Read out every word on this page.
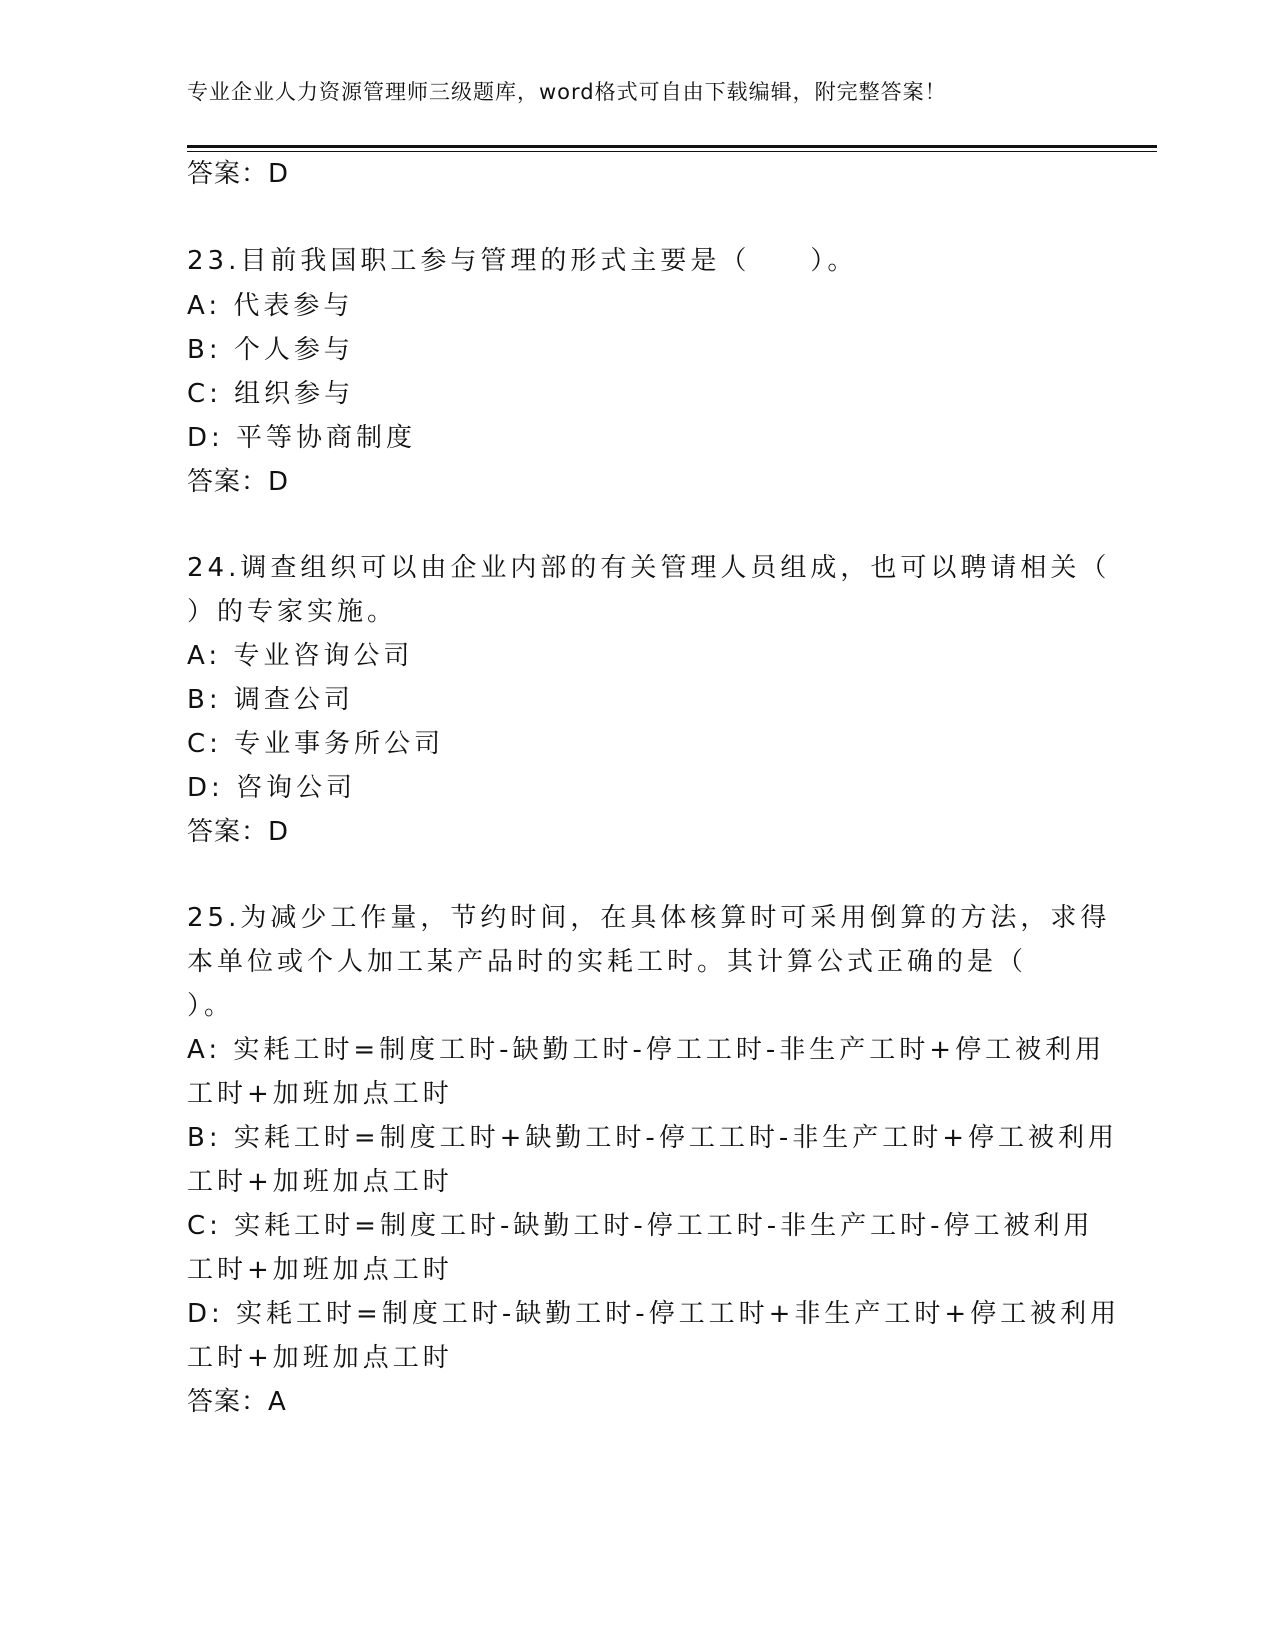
专业企业人力资源管理师三级题库，word格式可自由下载编辑，附完整答案！
答案：D
23.目前我国职工参与管理的形式主要是（　　）。
A: 代表参与
B: 个人参与
C: 组织参与
D: 平等协商制度
答案：D
24.调查组织可以由企业内部的有关管理人员组成，也可以聘请相关（
）的专家实施。
A: 专业咨询公司
B: 调查公司
C: 专业事务所公司
D: 咨询公司
答案：D
25.为减少工作量，节约时间，在具体核算时可采用倒算的方法，求得
本单位或个人加工某产品时的实耗工时。其计算公式正确的是（
）。
A: 实耗工时=制度工时-缺勤工时-停工工时-非生产工时+停工被利用
工时+加班加点工时
B: 实耗工时=制度工时+缺勤工时-停工工时-非生产工时+停工被利用
工时+加班加点工时
C: 实耗工时=制度工时-缺勤工时-停工工时-非生产工时-停工被利用
工时+加班加点工时
D: 实耗工时=制度工时-缺勤工时-停工工时+非生产工时+停工被利用
工时+加班加点工时
答案：A
